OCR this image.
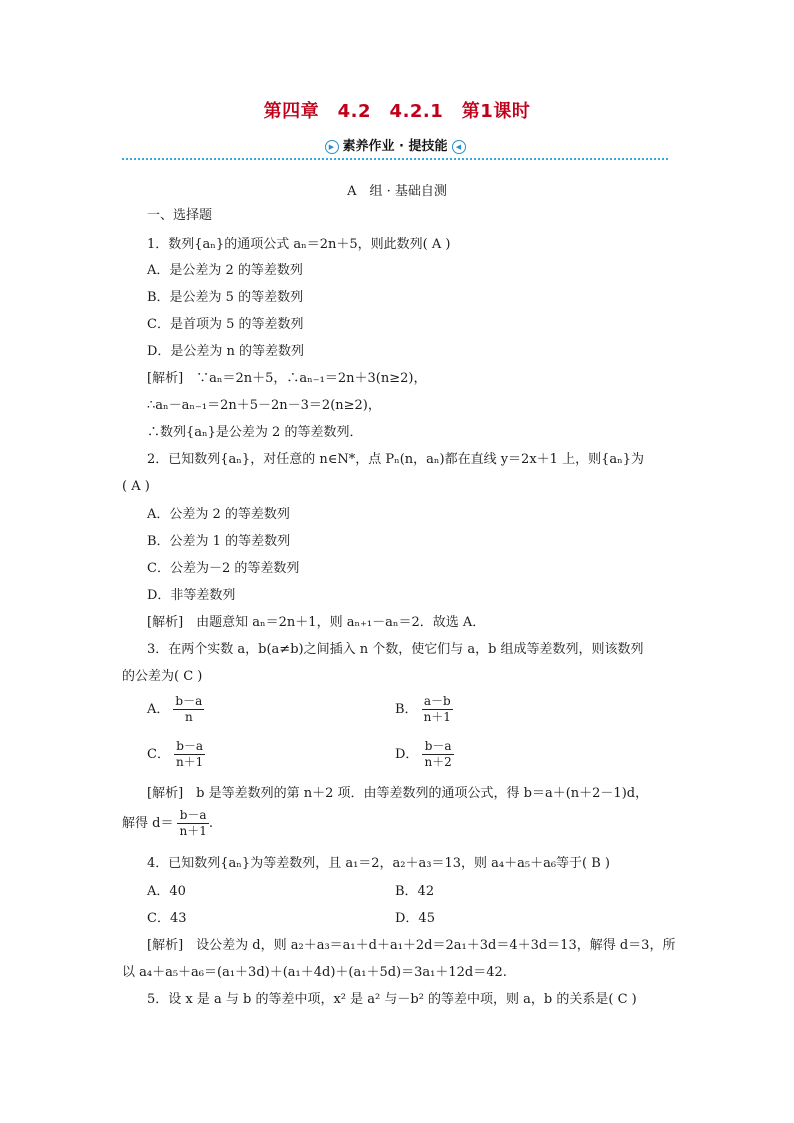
第四章　4.2　4.2.1　第1课时
▶ 素养作业 · 提技能 ◀
A　组 · 基础自测
一、选择题
1．数列{aₙ}的通项公式 aₙ＝2n＋5，则此数列( A )
A．是公差为 2 的等差数列
B．是公差为 5 的等差数列
C．是首项为 5 的等差数列
D．是公差为 n 的等差数列
[解析]　∵aₙ＝2n＋5，∴aₙ₋₁＝2n＋3(n≥2)，
∴aₙ－aₙ₋₁＝2n＋5－2n－3＝2(n≥2)，
∴数列{aₙ}是公差为 2 的等差数列．
2．已知数列{aₙ}，对任意的 n∈N*，点 Pₙ(n，aₙ)都在直线 y＝2x＋1 上，则{aₙ}为
( A )
A．公差为 2 的等差数列
B．公差为 1 的等差数列
C．公差为－2 的等差数列
D．非等差数列
[解析]　由题意知 aₙ＝2n＋1，则 aₙ₊₁－aₙ＝2．故选 A．
3．在两个实数 a，b(a≠b)之间插入 n 个数，使它们与 a，b 组成等差数列，则该数列
的公差为( C )
A． $\frac{b-a}{n}$	B． $\frac{a-b}{n+1}$
C． $\frac{b-a}{n+1}$	D． $\frac{b-a}{n+2}$
[解析]　b 是等差数列的第 n＋2 项．由等差数列的通项公式，得 b＝a＋(n＋2－1)d，
解得 $d= \frac{b-a}{n+1}$ .
4．已知数列{aₙ}为等差数列，且 a₁＝2，a₂＋a₃＝13，则 a₄＋a₅＋a₆等于( B )
A．40	B．42
C．43	D．45
[解析]　设公差为 d，则 a₂＋a₃＝a₁＋d＋a₁＋2d＝2a₁＋3d＝4＋3d＝13，解得 d＝3，所
以 a₄＋a₅＋a₆＝(a₁＋3d)＋(a₁＋4d)＋(a₁＋5d)＝3a₁＋12d＝42.
5．设 x 是 a 与 b 的等差中项，x² 是 a² 与－b² 的等差中项，则 a，b 的关系是( C )
